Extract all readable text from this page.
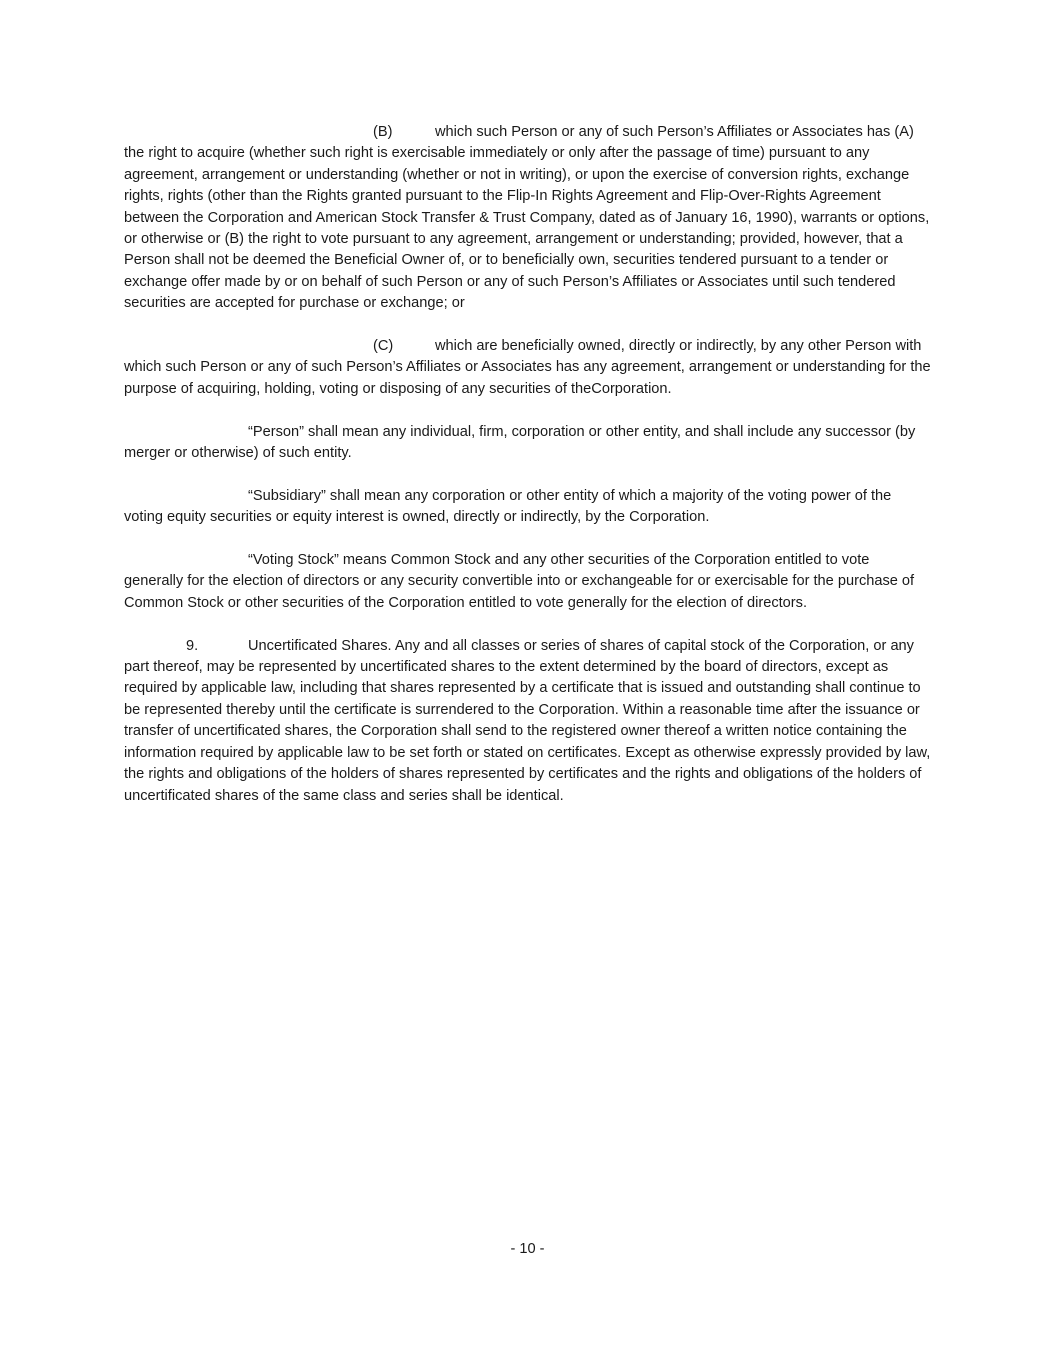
(B)	which such Person or any of such Person’s Affiliates or Associates has (A) the right to acquire (whether such right is exercisable immediately or only after the passage of time) pursuant to any agreement, arrangement or understanding (whether or not in writing), or upon the exercise of conversion rights, exchange rights, rights (other than the Rights granted pursuant to the Flip-In Rights Agreement and Flip-Over-Rights Agreement between the Corporation and American Stock Transfer & Trust Company, dated as of January 16, 1990), warrants or options, or otherwise or (B) the right to vote pursuant to any agreement, arrangement or understanding; provided, however, that a Person shall not be deemed the Beneficial Owner of, or to beneficially own, securities tendered pursuant to a tender or exchange offer made by or on behalf of such Person or any of such Person’s Affiliates or Associates until such tendered securities are accepted for purchase or exchange; or

(C)	which are beneficially owned, directly or indirectly, by any other Person with which such Person or any of such Person’s Affiliates or Associates has any agreement, arrangement or understanding for the purpose of acquiring, holding, voting or disposing of any securities of theCorporation.

“Person” shall mean any individual, firm, corporation or other entity, and shall include any successor (by merger or otherwise) of such entity.

“Subsidiary” shall mean any corporation or other entity of which a majority of the voting power of the voting equity securities or equity interest is owned, directly or indirectly, by the Corporation.

“Voting Stock” means Common Stock and any other securities of the Corporation entitled to vote generally for the election of directors or any security convertible into or exchangeable for or exercisable for the purchase of Common Stock or other securities of the Corporation entitled to vote generally for the election of directors.

9.	Uncertificated Shares. Any and all classes or series of shares of capital stock of the Corporation, or any part thereof, may be represented by uncertificated shares to the extent determined by the board of directors, except as required by applicable law, including that shares represented by a certificate that is issued and outstanding shall continue to be represented thereby until the certificate is surrendered to the Corporation. Within a reasonable time after the issuance or transfer of uncertificated shares, the Corporation shall send to the registered owner thereof a written notice containing the information required by applicable law to be set forth or stated on certificates. Except as otherwise expressly provided by law, the rights and obligations of the holders of shares represented by certificates and the rights and obligations of the holders of uncertificated shares of the same class and series shall be identical.

- 10 -
